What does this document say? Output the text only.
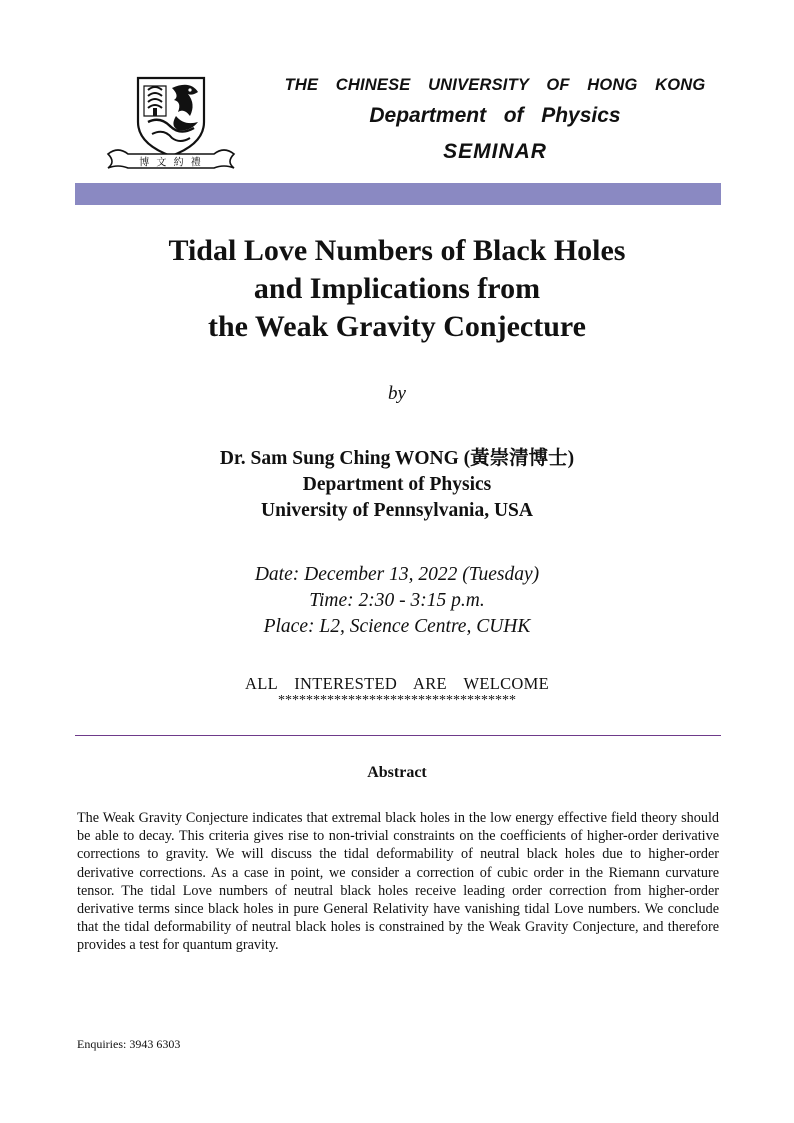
博 文 約 禮
THE  CHINESE  UNIVERSITY  OF  HONG  KONG
Department  of  Physics
SEMINAR
Tidal Love Numbers of Black Holes
and Implications from
the Weak Gravity Conjecture
by
Dr. Sam Sung Ching WONG (黃崇清博士)
Department of Physics
University of Pennsylvania, USA
Date: December 13, 2022 (Tuesday)
Time: 2:30 - 3:15 p.m.
Place: L2, Science Centre, CUHK
ALL  INTERESTED  ARE  WELCOME
**********************************
Abstract
The Weak Gravity Conjecture indicates that extremal black holes in the low energy effective field theory should be able to decay. This criteria gives rise to non-trivial constraints on the coefficients of higher-order derivative corrections to gravity. We will discuss the tidal deformability of neutral black holes due to higher-order derivative corrections. As a case in point, we consider a correction of cubic order in the Riemann curvature tensor. The tidal Love numbers of neutral black holes receive leading order correction from higher-order derivative terms since black holes in pure General Relativity have vanishing tidal Love numbers. We conclude that the tidal deformability of neutral black holes is constrained by the Weak Gravity Conjecture, and therefore provides a test for quantum gravity.
Enquiries: 3943 6303
